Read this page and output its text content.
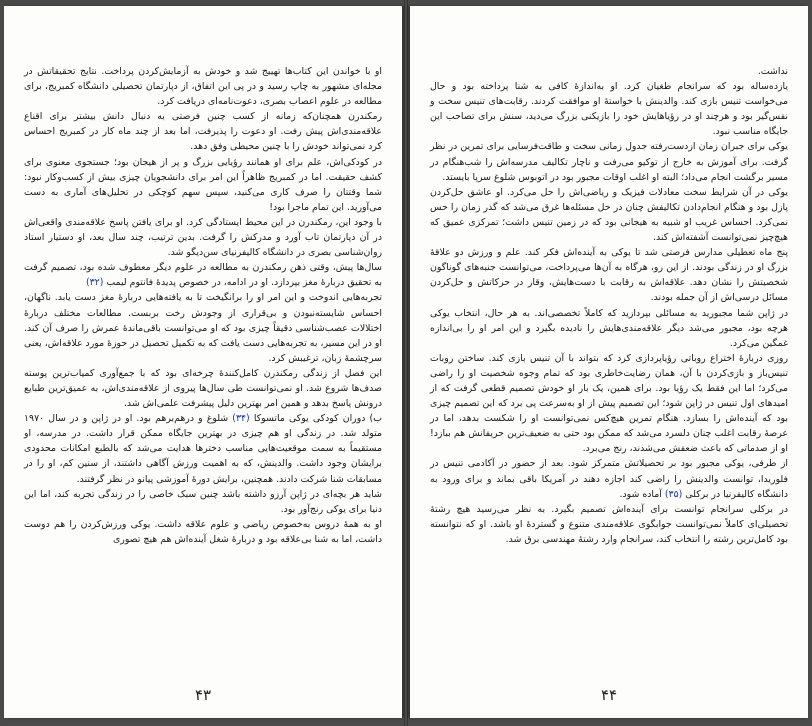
او با خواندن این کتاب‌ها تهییج شد و خودش به آزمایش‌کردن پرداخت. نتایج تحقیقاتش در مجله‌ای مشهور به چاپ رسید و در پی این اتفاق، از دپارتمان تحصیلی دانشگاه کمبریج، برای مطالعه در علوم اعصاب بصری، دعوت‌نامه‌ای دریافت کرد.

رمکندرن همچنان‌که زمانه از کسب چنین فرصتی به دنبال دانش بیشتر برای اقناع علاقه‌مندی‌اش پیش رفت. او دعوت را پذیرفت، اما بعد از چند ماه کار در کمبریج احساس کرد نمی‌تواند خودش را با چنین محیطی وفق دهد.

در کودکی‌اش، علم برای او همانند رؤیایی بزرگ و پر از هیجان بود؛ جستجوی معنوی برای کشف حقیقت. اما در کمبریج ظاهراً این امر برای دانشجویان چیزی بیش از کسب‌وکار نبود: شما وقتتان را صرف کاری می‌کنید، سپس سهم کوچکی در تحلیل‌های آماری به دست می‌آورید. این تمام ماجرا بود!

با وجود این، رمکندرن در این محیط ایستادگی کرد. او برای یافتن پاسخ علاقه‌مندی واقعی‌اش در آن دپارتمان تاب آورد و مدرکش را گرفت. بدین ترتیب، چند سال بعد، او دستیار استاد روان‌شناسی بصری در دانشگاه کالیفرنیای سن‌دیگو شد.

سال‌ها پیش، وقتی ذهن رمکندرن به مطالعه در علوم دیگر معطوف شده بود، تصمیم گرفت به تحقیق دربارهٔ مغز بپردازد. او در ادامه، در خصوص پدیدهٔ فانتوم لیمب (۳۲)

تجربه‌هایی اندوخت و این امر او را برانگیخت تا به یافته‌هایی دربارهٔ مغز دست یابد. ناگهان، احساس شایسته‌نبودن و بی‌قراری از وجودش رخت بربست. مطالعات مختلف دربارهٔ اختلالات عصب‌شناسی دقیقاً چیزی بود که او می‌توانست باقی‌ماندهٔ عمرش را صرف آن کند. او در این مسیر، به تجربه‌هایی دست یافت که به تکمیل تحصیل در حوزهٔ مورد علاقه‌اش، یعنی سرچشمهٔ زبان، ترغیبش کرد.

این فصل از زندگی رمکندرن کامل‌کنندهٔ چرخه‌ای بود که با جمع‌آوری کمیاب‌ترین پوسته صدف‌ها شروع شد. او نمی‌توانست طی سال‌ها پیروی از علاقه‌مندی‌اش، به عمیق‌ترین طبایع درونش پاسخ بدهد و همین امر بهترین دلیل پیشرفت علمی‌اش شد.

ب) دوران کودکی یوکی ماتسوکا (۳۴) شلوغ و درهم‌برهم بود. او در ژاپن و در سال ۱۹۷۰ متولد شد. در زندگی او هم چیزی در بهترین جایگاه ممکن قرار داشت. در مدرسه، او مستقیماً به سمت موقعیت‌هایی مناسب دخترها هدایت می‌شد که بالطبع امکانات محدودی برایشان وجود داشت. والدینش، که به اهمیت ورزش آگاهی داشتند، از سنین کم، او را در مسابقات شنا شرکت دادند. همچنین، برایش دورهٔ آموزشی پیانو در نظر گرفتند.

شاید هر بچه‌ای در ژاپن آرزو داشته باشد چنین سبک خاصی را در زندگی تجربه کند، اما این دنیا برای یوکی رنج‌آور بود.

او به همهٔ دروس به‌خصوص ریاضی و علوم علاقه داشت. یوکی ورزش‌کردن را هم دوست داشت، اما به شنا بی‌علاقه بود و دربارهٔ شغل آینده‌اش هم هیچ تصوری

۴۳

نداشت.

یازده‌ساله بود که سرانجام طغیان کرد. او به‌اندازهٔ کافی به شنا پرداخته بود و حال می‌خواست تنیس بازی کند. والدینش با خواستهٔ او موافقت کردند. رقابت‌های تنیس سخت و نفس‌گیر بود و هرچند او در رؤیاهایش خود را بازیکنی بزرگ می‌دید، سنش برای تصاحب این جایگاه مناسب نبود.

یوکی برای جبران زمان ازدست‌رفته جدول زمانی سخت و طاقت‌فرسایی برای تمرین در نظر گرفت. برای آموزش به خارج از توکیو می‌رفت و ناچار تکالیف مدرسه‌اش را شب‌هنگام در مسیر برگشت انجام می‌داد؛ البته او اغلب اوقات مجبور بود در اتوبوس شلوغ سرپا بایستد.

یوکی در آن شرایط سخت معادلات فیزیک و ریاضی‌اش را حل می‌کرد. او عاشق حل‌کردن پازل بود و هنگام انجام‌دادن تکالیفش چنان در حل مسئله‌ها غرق می‌شد که گذر زمان را حس نمی‌کرد. احساس غریب او شبیه به هیجانی بود که در زمین تنیس داشت؛ تمرکزی عمیق که هیچ‌چیز نمی‌توانست آشفته‌اش کند.

پنج ماه تعطیلی مدارس فرصتی شد تا یوکی به آینده‌اش فکر کند. علم و ورزش دو علاقهٔ بزرگ او در زندگی بودند. از این رو، هرگاه به آن‌ها می‌پرداخت، می‌توانست جنبه‌های گوناگون شخصیتش را نشان دهد. علاقه‌اش به رقابت با دست‌هایش، وقار در حرکاتش و حل‌کردن مسائل درسی‌اش از آن جمله بودند.

در ژاپن شما مجبورید به مسائلی بپردازید که کاملاً تخصصی‌اند. به هر حال، انتخاب یوکی هرچه بود، مجبور می‌شد دیگر علاقه‌مندی‌هایش را نادیده بگیرد و این امر او را بی‌اندازه غمگین می‌کرد.

روزی دربارهٔ اختراع روباتی رؤیاپردازی کرد که بتواند با آن تنیس بازی کند. ساختن روبات تنیس‌باز و بازی‌کردن با آن، همان رضایت‌خاطری بود که تمام وجوه شخصیت او را راضی می‌کرد؛ اما این فقط یک رؤیا بود. برای همین، یک بار او خودش تصمیم قطعی گرفت که از امیدهای اول تنیس در ژاپن شود؛ این تصمیم پیش از او به‌سرعت پی برد که این تصمیم چیزی بود که آینده‌اش را بسازد. هنگام تمرین هیچ‌کس نمی‌توانست او را شکست بدهد، اما در عرصهٔ رقابت اغلب چنان دلسرد می‌شد که ممکن بود حتی به ضعیف‌ترین حریفانش هم ببازد! او از صدماتی که باعث ضعفش می‌شدند، رنج می‌برد.

از طرفی، یوکی مجبور بود بر تحصیلاتش متمرکز شود. بعد از حضور در آکادمی تنیس در فلوریدا، توانست والدینش را راضی کند اجازه دهند در آمریکا باقی بماند و برای ورود به دانشگاه کالیفرنیا در برکلی (۳۵) آماده شود.

در برکلی سرانجام توانست برای آینده‌اش تصمیم بگیرد. به نظر می‌رسید هیچ رشتهٔ تحصیلی‌ای کاملاً نمی‌توانست جوابگوی علاقه‌مندی متنوع و گستردهٔ او باشد. او که نتوانسته بود کامل‌ترین رشته را انتخاب کند، سرانجام وارد رشتهٔ مهندسی برق شد.

۴۴
